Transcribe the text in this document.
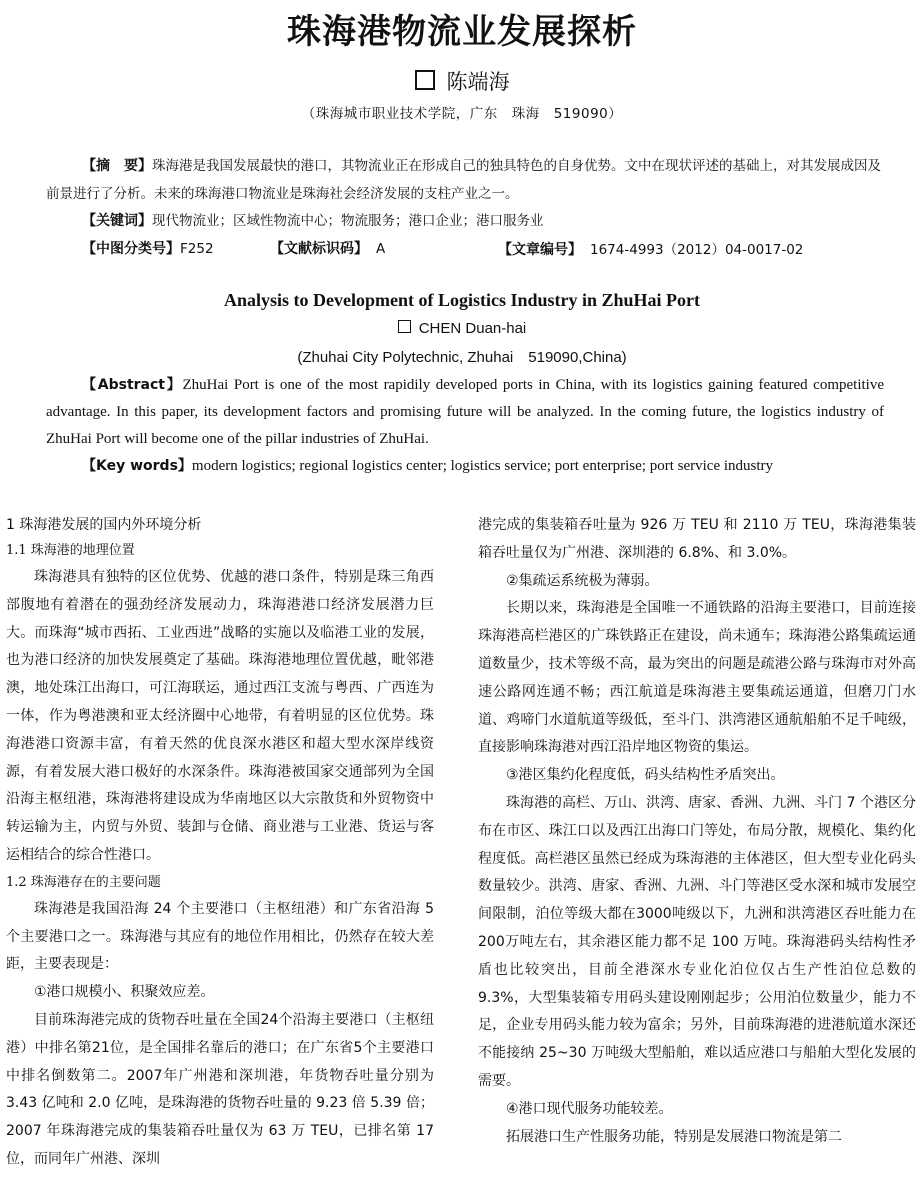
珠海港物流业发展探析
陈端海
（珠海城市职业技术学院，广东　珠海　519090）

【摘　要】珠海港是我国发展最快的港口，其物流业正在形成自己的独具特色的自身优势。文中在现状评述的基础上，对其发展成因及前景进行了分析。未来的珠海港口物流业是珠海社会经济发展的支柱产业之一。

【关键词】现代物流业；区域性物流中心；物流服务；港口企业；港口服务业

【中图分类号】F252	【文献标识码】 A	【文章编号】 1674-4993（2012）04-0017-02
Analysis to Development of Logistics Industry in ZhuHai Port
CHEN Duan-hai
(Zhuhai City Polytechnic, Zhuhai　519090,China)

【Abstract】ZhuHai Port is one of the most rapidily developed ports in China, with its logistics gaining featured competitive advantage. In this paper, its development factors and promising future will be analyzed. In the coming future, the logistics industry of ZhuHai Port will become one of the pillar industries of ZhuHai.

【Key words】modern logistics; regional logistics center; logistics service; port enterprise; port service industry

1 珠海港发展的国内外环境分析
1.1 珠海港的地理位置

珠海港具有独特的区位优势、优越的港口条件，特别是珠三角西部腹地有着潜在的强劲经济发展动力，珠海港港口经济发展潜力巨大。而珠海“城市西拓、工业西进”战略的实施以及临港工业的发展，也为港口经济的加快发展奠定了基础。珠海港地理位置优越，毗邻港澳，地处珠江出海口，可江海联运，通过西江支流与粤西、广西连为一体，作为粤港澳和亚太经济圈中心地带，有着明显的区位优势。珠海港港口资源丰富，有着天然的优良深水港区和超大型水深岸线资源，有着发展大港口极好的水深条件。珠海港被国家交通部列为全国沿海主枢纽港，珠海港将建设成为华南地区以大宗散货和外贸物资中转运输为主，内贸与外贸、装卸与仓储、商业港与工业港、货运与客运相结合的综合性港口。

1.2 珠海港存在的主要问题

珠海港是我国沿海 24 个主要港口（主枢纽港）和广东省沿海 5 个主要港口之一。珠海港与其应有的地位作用相比，仍然存在较大差距，主要表现是：

①港口规模小、积聚效应差。

目前珠海港完成的货物吞吐量在全国24个沿海主要港口（主枢纽港）中排名第21位，是全国排名靠后的港口；在广东省5个主要港口中排名倒数第二。2007年广州港和深圳港，年货物吞吐量分别为 3.43 亿吨和 2.0 亿吨，是珠海港的货物吞吐量的 9.23 倍 5.39 倍；2007 年珠海港完成的集装箱吞吐量仅为 63 万 TEU，已排名第 17 位，而同年广州港、深圳

港完成的集装箱吞吐量为 926 万 TEU 和 2110 万 TEU，珠海港集装箱吞吐量仅为广州港、深圳港的 6.8%、和 3.0%。

②集疏运系统极为薄弱。

长期以来，珠海港是全国唯一不通铁路的沿海主要港口，目前连接珠海港高栏港区的广珠铁路正在建设，尚未通车；珠海港公路集疏运通道数量少，技术等级不高，最为突出的问题是疏港公路与珠海市对外高速公路网连通不畅；西江航道是珠海港主要集疏运通道，但磨刀门水道、鸡啼门水道航道等级低，至斗门、洪湾港区通航船舶不足千吨级，直接影响珠海港对西江沿岸地区物资的集运。

③港区集约化程度低，码头结构性矛盾突出。

珠海港的高栏、万山、洪湾、唐家、香洲、九洲、斗门 7 个港区分布在市区、珠江口以及西江出海口门等处，布局分散，规模化、集约化程度低。高栏港区虽然已经成为珠海港的主体港区，但大型专业化码头数量较少。洪湾、唐家、香洲、九洲、斗门等港区受水深和城市发展空间限制，泊位等级大都在3000吨级以下，九洲和洪湾港区吞吐能力在200万吨左右，其余港区能力都不足 100 万吨。珠海港码头结构性矛盾也比较突出，目前全港深水专业化泊位仅占生产性泊位总数的 9.3%，大型集装箱专用码头建设刚刚起步；公用泊位数量少，能力不足，企业专用码头能力较为富余；另外，目前珠海港的进港航道水深还不能接纳 25~30 万吨级大型船舶，难以适应港口与船舶大型化发展的需要。

④港口现代服务功能较差。

拓展港口生产性服务功能，特别是发展港口物流是第二
